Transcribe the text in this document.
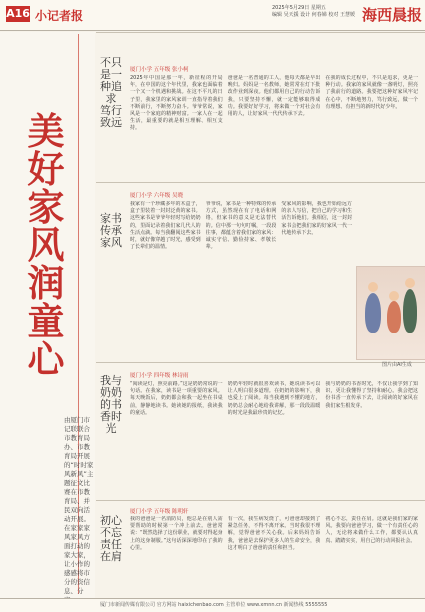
A16 小记者报
2025年5月29日 星期五
编辑 吴天援 设计 何春娣 校对 王慧媛 海西晨报
美好家风润童心
由厦门市记联联合市教育局办、市教育局开展的“时时家风新风”主题征文比赛在市教育局、并民双向活动开展。在家家家风家风方面打动的家大家，让小作的感感将市分的资信息、分
不只是一种追求 笃行致远
厦门小学 五年级 张小柯
2025年中国是那一年，新征程的开局年，在中国的这个年代里，我家也面临着一个又一个机遇和挑战。在这不平凡的日子里，我家里的家风家训一直指导着我们不断前行，不断努力奋斗。爷爷常说，家风是一个家庭的精神财富。一家人在一起生活，最重要的就是相互理解、相互支持。
爸爸是一名普通的工人，他每天都是早出晚归。妈妈是一名教师，她常常在灯下批改作业到深夜。他们都用自己的行动告诉我，只要坚持不懈，就一定能够取得成功。我要好好学习，将来做一个对社会有用的人，让好家风一代代传承下去。
在我的成长过程中，不只是追求，更是一种行动。我家的家风就像一盏明灯，照亮了我前行的道路。我要把这种好家风牢记在心中，不断地努力，笃行致远，做一个有理想、有担当的新时代好少年。
家书传承家风
厦门小学 六年级 吴晓
我家有一个珍藏多年的木盒子，盒子里装着一封封泛黄的家书。这些家书是爷爷年轻时写给奶奶的，里面记录着我们家几代人的生活点滴。每当我翻阅这些家书时，就好像穿越了时光，感受到了长辈们的温情。
爷爷说，家书是一种特殊的传承方式，虽然现在有了电话和网络，但家书的意义是无法替代的。信中那一句句叮嘱，一段段往事，都蕴含着我们家的家风：诚实守信、勤俭持家、孝敬长辈。
受家风的影响，我也开始给远方的亲人写信，把自己的学习和生活告诉他们。我相信，这一封封家书会把我们家的好家风一代一代地传承下去。
我与奶奶的书香时光
厦门小学 四年级 林诗雨
“阅读是灯，照亮前路。”这是奶奶常说的一句话。在我家，读书是一项重要的家风。每天晚饭后，奶奶都会和我一起坐在书桌前，静静地读书。她读她的报纸，我读我的童话。
奶奶年轻时就很喜欢读书，她说读书可以让人明白很多道理。在奶奶的影响下，我也爱上了阅读。每当我遇到不懂的地方，奶奶总会耐心地给我讲解，那一段段温暖的时光是我最珍贵的记忆。
我与奶奶的书香时光，不仅让我学到了知识，更让我懂得了坚持和耐心。我会把这份书香一直传承下去，让阅读的好家风在我们家生根发芽。
初心不忘 责任在肩
厦门小学 五年级 陈明轩
我的爸爸是一名消防员，他总是在别人需要帮助的时候第一个冲上前去。爸爸常说：“既然选择了这份职业，就要对得起身上的这身制服。”这句话深深地印在了我的心里。
有一次，我生病发烧了，可爸爸却接到了紧急任务，不得不离开家。当时我很不理解，觉得爸爸不关心我。后来妈妈告诉我，爸爸是去保护更多人的生命安全，我这才明白了爸爸的责任和担当。
初心不忘，责任在肩。这就是我们家的家风。我要向爸爸学习，做一个有责任心的人，无论将来做什么工作，都要认认真真、踏踏实实，用自己的行动回报社会。
图片由AI生成
厦门市新闻传媒有限公司 官方网站 haixichenbao.com 主管单位 www.xmnn.cn 新闻热线 5555555
